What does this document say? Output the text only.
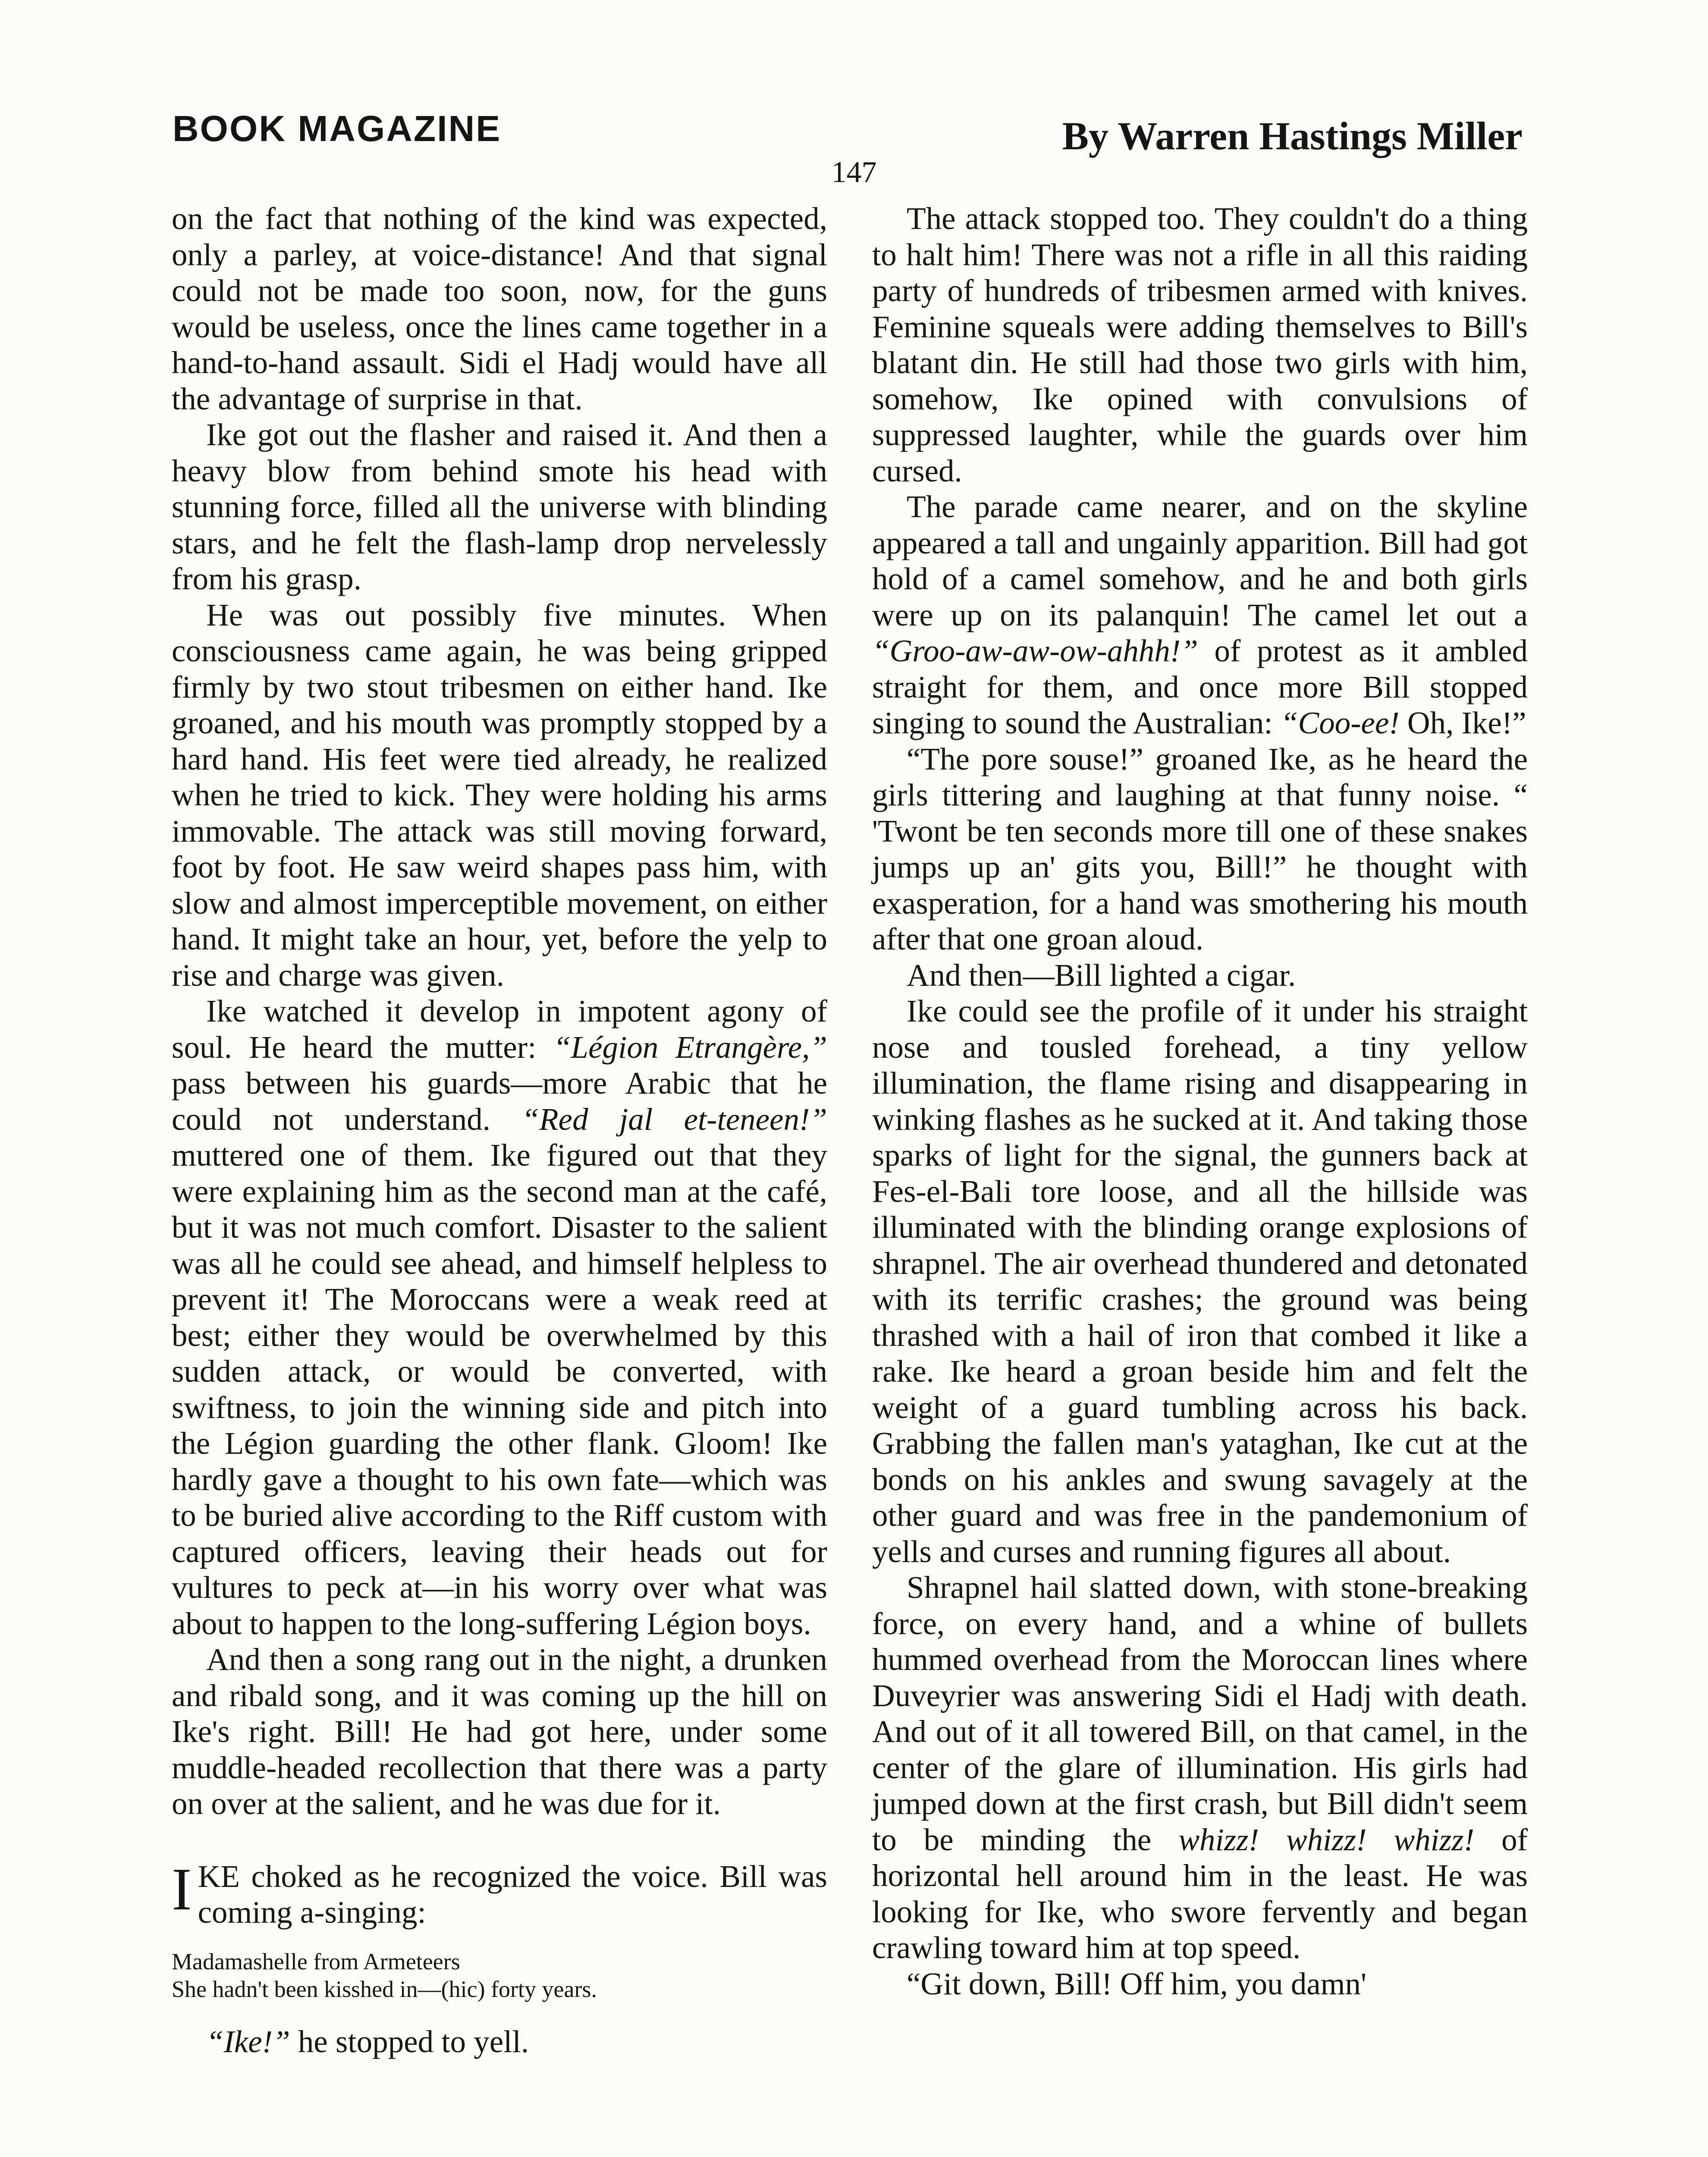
BOOK MAGAZINE	By Warren Hastings Miller
147

on the fact that nothing of the kind was expected, only a parley, at voice-distance! And that signal could not be made too soon, now, for the guns would be useless, once the lines came together in a hand-to-hand assault. Sidi el Hadj would have all the advantage of surprise in that.

Ike got out the flasher and raised it. And then a heavy blow from behind smote his head with stunning force, filled all the universe with blinding stars, and he felt the flash-lamp drop nervelessly from his grasp.

He was out possibly five minutes. When consciousness came again, he was being gripped firmly by two stout tribesmen on either hand. Ike groaned, and his mouth was promptly stopped by a hard hand. His feet were tied already, he realized when he tried to kick. They were holding his arms immovable. The attack was still moving forward, foot by foot. He saw weird shapes pass him, with slow and almost imperceptible movement, on either hand. It might take an hour, yet, before the yelp to rise and charge was given.

Ike watched it develop in impotent agony of soul. He heard the mutter: “Légion Etrangère,” pass between his guards—more Arabic that he could not understand. “Red jal et-teneen!” muttered one of them. Ike figured out that they were explaining him as the second man at the café, but it was not much comfort. Disaster to the salient was all he could see ahead, and himself helpless to prevent it! The Moroccans were a weak reed at best; either they would be overwhelmed by this sudden attack, or would be converted, with swiftness, to join the winning side and pitch into the Légion guarding the other flank. Gloom! Ike hardly gave a thought to his own fate—which was to be buried alive according to the Riff custom with captured officers, leaving their heads out for vultures to peck at—in his worry over what was about to happen to the long-suffering Légion boys.

And then a song rang out in the night, a drunken and ribald song, and it was coming up the hill on Ike's right. Bill! He had got here, under some muddle-headed recollection that there was a party on over at the salient, and he was due for it.

IKE choked as he recognized the voice. Bill was coming a-singing:

Madamashelle from Armeteers

She hadn't been kisshed in—(hic) forty years.

“Ike!” he stopped to yell.

The attack stopped too. They couldn't do a thing to halt him! There was not a rifle in all this raiding party of hundreds of tribesmen armed with knives. Feminine squeals were adding themselves to Bill's blatant din. He still had those two girls with him, somehow, Ike opined with convulsions of suppressed laughter, while the guards over him cursed.

The parade came nearer, and on the skyline appeared a tall and ungainly apparition. Bill had got hold of a camel somehow, and he and both girls were up on its palanquin! The camel let out a “Groo-aw-aw-ow-ahhh!” of protest as it ambled straight for them, and once more Bill stopped singing to sound the Australian: “Coo-ee! Oh, Ike!”

“The pore souse!” groaned Ike, as he heard the girls tittering and laughing at that funny noise. “ 'Twont be ten seconds more till one of these snakes jumps up an' gits you, Bill!” he thought with exasperation, for a hand was smothering his mouth after that one groan aloud.

And then—Bill lighted a cigar.

Ike could see the profile of it under his straight nose and tousled forehead, a tiny yellow illumination, the flame rising and disappearing in winking flashes as he sucked at it. And taking those sparks of light for the signal, the gunners back at Fes-el-Bali tore loose, and all the hillside was illuminated with the blinding orange explosions of shrapnel. The air overhead thundered and detonated with its terrific crashes; the ground was being thrashed with a hail of iron that combed it like a rake. Ike heard a groan beside him and felt the weight of a guard tumbling across his back. Grabbing the fallen man's yataghan, Ike cut at the bonds on his ankles and swung savagely at the other guard and was free in the pandemonium of yells and curses and running figures all about.

Shrapnel hail slatted down, with stone-breaking force, on every hand, and a whine of bullets hummed overhead from the Moroccan lines where Duveyrier was answering Sidi el Hadj with death. And out of it all towered Bill, on that camel, in the center of the glare of illumination. His girls had jumped down at the first crash, but Bill didn't seem to be minding the whizz! whizz! whizz! of horizontal hell around him in the least. He was looking for Ike, who swore fervently and began crawling toward him at top speed.

“Git down, Bill! Off him, you damn'
